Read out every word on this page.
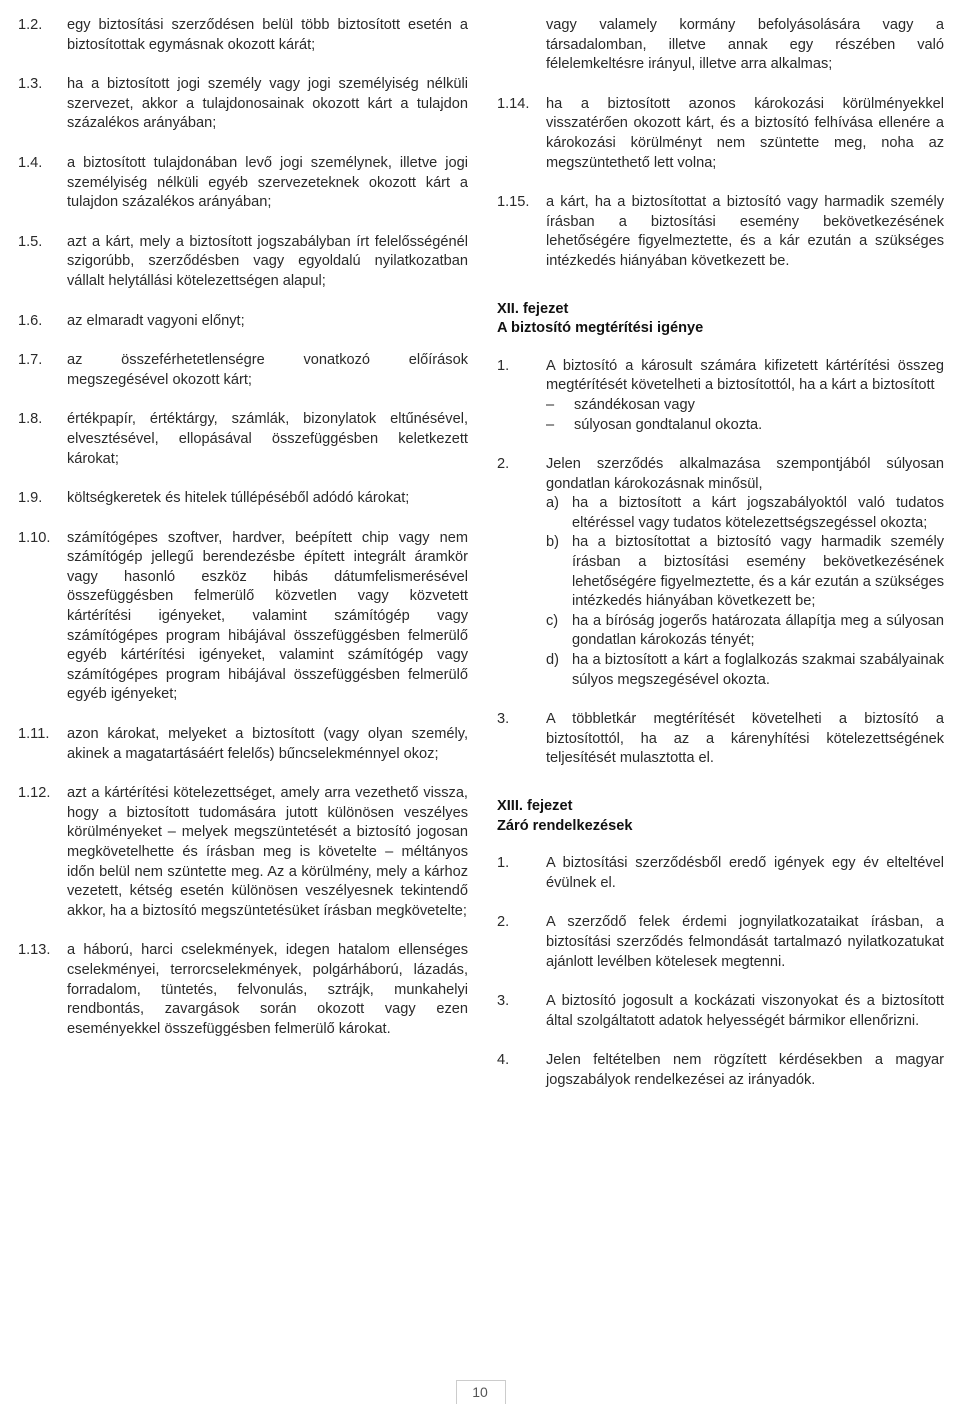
1.2.	egy biztosítási szerződésen belül több biztosított esetén a biztosítottak egymásnak okozott kárát;
1.3.	ha a biztosított jogi személy vagy jogi személyiség nélküli szervezet, akkor a tulajdonosainak okozott kárt a tulajdon százalékos arányában;
1.4.	a biztosított tulajdonában levő jogi személynek, illetve jogi személyiség nélküli egyéb szervezeteknek okozott kárt a tulajdon százalékos arányában;
1.5.	azt a kárt, mely a biztosított jogszabályban írt felelősségénél szigorúbb, szerződésben vagy egyoldalú nyilatkozatban vállalt helytállási kötelezettségen alapul;
1.6.	az elmaradt vagyoni előnyt;
1.7.	az összeférhetetlenségre vonatkozó előírások megszegésével okozott kárt;
1.8.	értékpapír, értéktárgy, számlák, bizonylatok eltűnésével, elvesztésével, ellopásával összefüggésben keletkezett károkat;
1.9.	költségkeretek és hitelek túllépéséből adódó károkat;
1.10.	számítógépes szoftver, hardver, beépített chip vagy nem számítógép jellegű berendezésbe épített integrált áramkör vagy hasonló eszköz hibás dátumfelismerésével összefüggésben felmerülő közvetlen vagy közvetett kártérítési igényeket, valamint számítógép vagy számítógépes program hibájával összefüggésben felmerülő egyéb kártérítési igényeket, valamint számítógép vagy számítógépes program hibájával összefüggésben felmerülő egyéb igényeket;
1.11.	azon károkat, melyeket a biztosított (vagy olyan személy, akinek a magatartásáért felelős) bűncselekménnyel okoz;
1.12.	azt a kártérítési kötelezettséget, amely arra vezethető vissza, hogy a biztosított tudomására jutott különösen veszélyes körülményeket – melyek megszüntetését a biztosító jogosan megkövetelhette és írásban meg is követelte – méltányos időn belül nem szüntette meg. Az a körülmény, mely a kárhoz vezetett, kétség esetén különösen veszélyesnek tekintendő akkor, ha a biztosító megszüntetésüket írásban megkövetelte;
1.13.	a háború, harci cselekmények, idegen hatalom ellenséges cselekményei, terrorcselekmények, polgárháború, lázadás, forradalom, tüntetés, felvonulás, sztrájk, munkahelyi rendbontás, zavargások során okozott vagy ezen eseményekkel összefüggésben felmerülő károkat.

vagy valamely kormány befolyásolására vagy a társadalomban, illetve annak egy részében való félelemkeltésre irányul, illetve arra alkalmas;
1.14.	ha a biztosított azonos károkozási körülményekkel visszatérően okozott kárt, és a biztosító felhívása ellenére a károkozási körülményt nem szüntette meg, noha az megszüntethető lett volna;
1.15.	a kárt, ha a biztosítottat a biztosító vagy harmadik személy írásban a biztosítási esemény bekövetkezésének lehetőségére figyelmeztette, és a kár ezután a szükséges intézkedés hiányában következett be.
XII. fejezet
A biztosító megtérítési igénye
1.	A biztosító a károsult számára kifizetett kártérítési összeg megtérítését követelheti a biztosítottól, ha a kárt a biztosított

–	szándékosan vagy
–	súlyosan gondtalanul okozta.
2.	Jelen szerződés alkalmazása szempontjából súlyosan gondatlan károkozásnak minősül,

a) ha a biztosított a kárt jogszabályoktól való tudatos eltéréssel vagy tudatos kötelezettségszegéssel okozta;
b) ha a biztosítottat a biztosító vagy harmadik személy írásban a biztosítási esemény bekövetkezésének lehetőségére figyelmeztette, és a kár ezután a szükséges intézkedés hiányában következett be;
c) ha a bíróság jogerős határozata állapítja meg a súlyosan gondatlan károkozás tényét;
d) ha a biztosított a kárt a foglalkozás szakmai szabályainak súlyos megszegésével okozta.
3.	A többletkár megtérítését követelheti a biztosító a biztosítottól, ha az a kárenyhítési kötelezettségének teljesítését mulasztotta el.
XIII. fejezet
Záró rendelkezések
1.	A biztosítási szerződésből eredő igények egy év elteltével évülnek el.
2.	A szerződő felek érdemi jognyilatkozataikat írásban, a biztosítási szerződés felmondását tartalmazó nyilatkozatukat ajánlott levélben kötelesek megtenni.
3.	A biztosító jogosult a kockázati viszonyokat és a biztosított által szolgáltatott adatok helyességét bármikor ellenőrizni.
4.	Jelen feltételben nem rögzített kérdésekben a magyar jogszabályok rendelkezései az irányadók.
10
